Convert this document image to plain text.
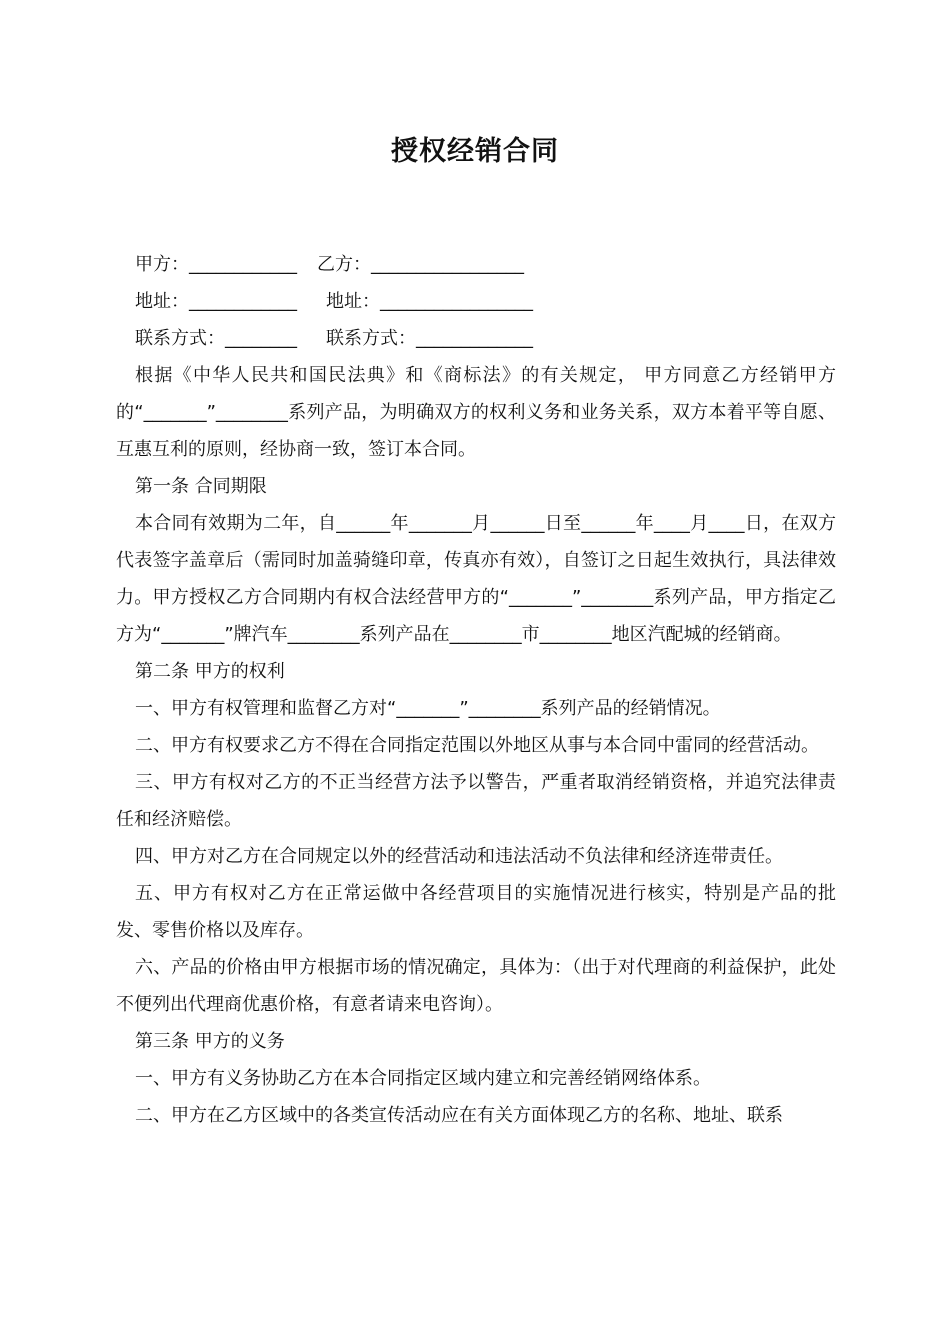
授权经销合同
甲方：____________ 乙方：_________________
地址：____________ 地址：_________________
联系方式：________ 联系方式：_____________
根据《中华人民共和国民法典》和《商标法》的有关规定， 甲方同意乙方经销甲方的“_______”________系列产品，为明确双方的权利义务和业务关系，双方本着平等自愿、互惠互利的原则，经协商一致，签订本合同。
第一条 合同期限
本合同有效期为二年，自______年_______月______日至______年____月____日，在双方代表签字盖章后（需同时加盖骑缝印章，传真亦有效），自签订之日起生效执行，具法律效力。甲方授权乙方合同期内有权合法经营甲方的“_______”________系列产品，甲方指定乙方为“_______”牌汽车________系列产品在________市________地区汽配城的经销商。
第二条 甲方的权利
一、甲方有权管理和监督乙方对“_______”________系列产品的经销情况。
二、甲方有权要求乙方不得在合同指定范围以外地区从事与本合同中雷同的经营活动。
三、甲方有权对乙方的不正当经营方法予以警告，严重者取消经销资格，并追究法律责任和经济赔偿。
四、甲方对乙方在合同规定以外的经营活动和违法活动不负法律和经济连带责任。
五、甲方有权对乙方在正常运做中各经营项目的实施情况进行核实，特别是产品的批发、零售价格以及库存。
六、产品的价格由甲方根据市场的情况确定，具体为：（出于对代理商的利益保护，此处不便列出代理商优惠价格，有意者请来电咨询）。
第三条 甲方的义务
一、甲方有义务协助乙方在本合同指定区域内建立和完善经销网络体系。
二、甲方在乙方区域中的各类宣传活动应在有关方面体现乙方的名称、地址、联系
